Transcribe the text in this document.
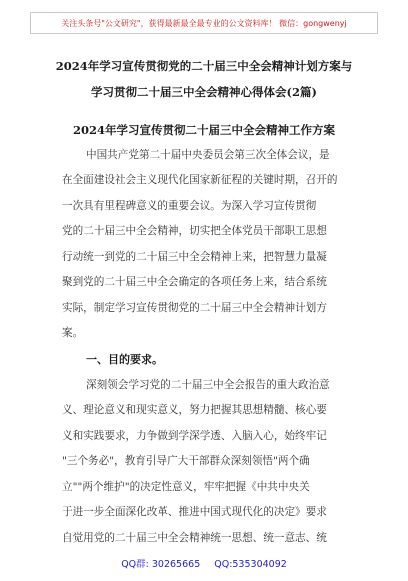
关注头条号"公文研究"，获得最新最全最专业的公文资料库！ 微信：gongwenyj
2024年学习宣传贯彻党的二十届三中全会精神计划方案与
学习贯彻二十届三中全会精神心得体会(2篇)
2024年学习宣传贯彻二十届三中全会精神工作方案
中国共产党第二十届中央委员会第三次全体会议，是
在全面建设社会主义现代化国家新征程的关键时期，召开的
一次具有里程碑意义的重要会议。为深入学习宣传贯彻
党的二十届三中全会精神，切实把全体党员干部职工思想
行动统一到党的二十届三中全会精神上来，把智慧力量凝
聚到党的二十届三中全会确定的各项任务上来，结合系统
实际，制定学习宣传贯彻党的二十届三中全会精神计划方
案。
一、目的要求。
深刻领会学习党的二十届三中全会报告的重大政治意
义、理论意义和现实意义，努力把握其思想精髓、核心要
义和实践要求，力争做到学深学透、入脑入心，始终牢记
"三个务必"，教育引导广大干部群众深刻领悟"两个确
立""两个维护"的决定性意义，牢牢把握《中共中央关
于进一步全面深化改革、推进中国式现代化的决定》要求
自觉用党的二十届三中全会精神统一思想、统一意志、统
QQ群: 30265665 QQ:535304092
